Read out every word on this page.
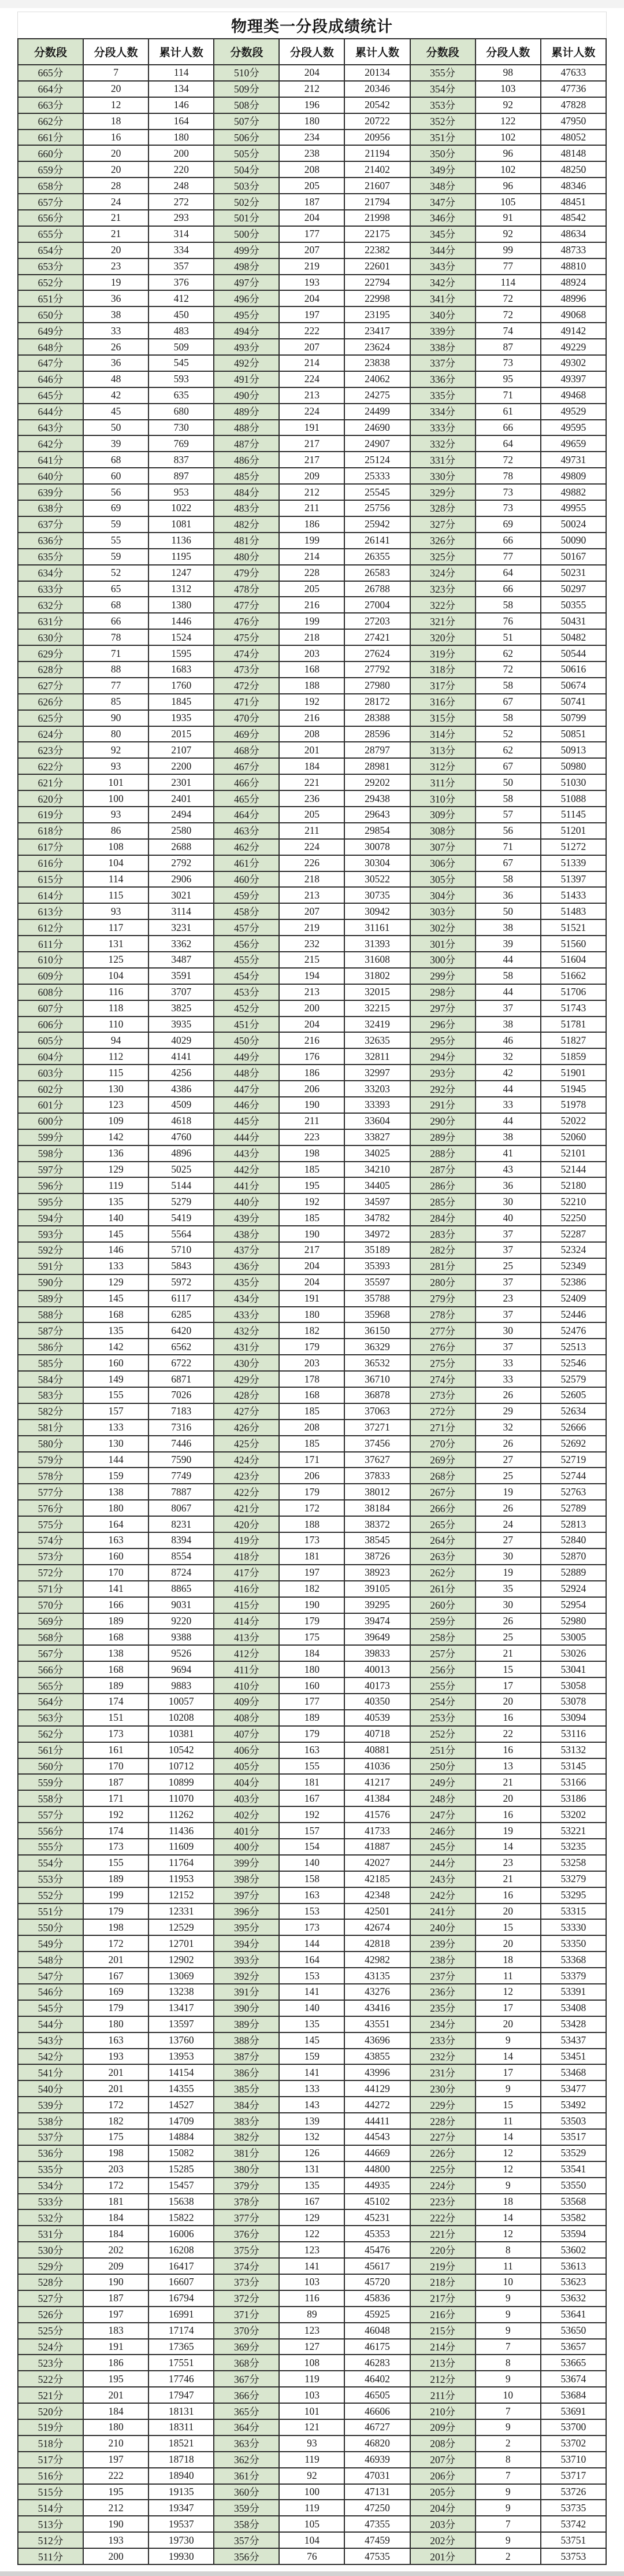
物理类一分段成绩统计
分数段	分段人数	累计人数	分数段	分段人数	累计人数	分数段	分段人数	累计人数
665分	7	114	510分	204	20134	355分	98	47633
664分	20	134	509分	212	20346	354分	103	47736
663分	12	146	508分	196	20542	353分	92	47828
662分	18	164	507分	180	20722	352分	122	47950
661分	16	180	506分	234	20956	351分	102	48052
660分	20	200	505分	238	21194	350分	96	48148
659分	20	220	504分	208	21402	349分	102	48250
658分	28	248	503分	205	21607	348分	96	48346
657分	24	272	502分	187	21794	347分	105	48451
656分	21	293	501分	204	21998	346分	91	48542
655分	21	314	500分	177	22175	345分	92	48634
654分	20	334	499分	207	22382	344分	99	48733
653分	23	357	498分	219	22601	343分	77	48810
652分	19	376	497分	193	22794	342分	114	48924
651分	36	412	496分	204	22998	341分	72	48996
650分	38	450	495分	197	23195	340分	72	49068
649分	33	483	494分	222	23417	339分	74	49142
648分	26	509	493分	207	23624	338分	87	49229
647分	36	545	492分	214	23838	337分	73	49302
646分	48	593	491分	224	24062	336分	95	49397
645分	42	635	490分	213	24275	335分	71	49468
644分	45	680	489分	224	24499	334分	61	49529
643分	50	730	488分	191	24690	333分	66	49595
642分	39	769	487分	217	24907	332分	64	49659
641分	68	837	486分	217	25124	331分	72	49731
640分	60	897	485分	209	25333	330分	78	49809
639分	56	953	484分	212	25545	329分	73	49882
638分	69	1022	483分	211	25756	328分	73	49955
637分	59	1081	482分	186	25942	327分	69	50024
636分	55	1136	481分	199	26141	326分	66	50090
635分	59	1195	480分	214	26355	325分	77	50167
634分	52	1247	479分	228	26583	324分	64	50231
633分	65	1312	478分	205	26788	323分	66	50297
632分	68	1380	477分	216	27004	322分	58	50355
631分	66	1446	476分	199	27203	321分	76	50431
630分	78	1524	475分	218	27421	320分	51	50482
629分	71	1595	474分	203	27624	319分	62	50544
628分	88	1683	473分	168	27792	318分	72	50616
627分	77	1760	472分	188	27980	317分	58	50674
626分	85	1845	471分	192	28172	316分	67	50741
625分	90	1935	470分	216	28388	315分	58	50799
624分	80	2015	469分	208	28596	314分	52	50851
623分	92	2107	468分	201	28797	313分	62	50913
622分	93	2200	467分	184	28981	312分	67	50980
621分	101	2301	466分	221	29202	311分	50	51030
620分	100	2401	465分	236	29438	310分	58	51088
619分	93	2494	464分	205	29643	309分	57	51145
618分	86	2580	463分	211	29854	308分	56	51201
617分	108	2688	462分	224	30078	307分	71	51272
616分	104	2792	461分	226	30304	306分	67	51339
615分	114	2906	460分	218	30522	305分	58	51397
614分	115	3021	459分	213	30735	304分	36	51433
613分	93	3114	458分	207	30942	303分	50	51483
612分	117	3231	457分	219	31161	302分	38	51521
611分	131	3362	456分	232	31393	301分	39	51560
610分	125	3487	455分	215	31608	300分	44	51604
609分	104	3591	454分	194	31802	299分	58	51662
608分	116	3707	453分	213	32015	298分	44	51706
607分	118	3825	452分	200	32215	297分	37	51743
606分	110	3935	451分	204	32419	296分	38	51781
605分	94	4029	450分	216	32635	295分	46	51827
604分	112	4141	449分	176	32811	294分	32	51859
603分	115	4256	448分	186	32997	293分	42	51901
602分	130	4386	447分	206	33203	292分	44	51945
601分	123	4509	446分	190	33393	291分	33	51978
600分	109	4618	445分	211	33604	290分	44	52022
599分	142	4760	444分	223	33827	289分	38	52060
598分	136	4896	443分	198	34025	288分	41	52101
597分	129	5025	442分	185	34210	287分	43	52144
596分	119	5144	441分	195	34405	286分	36	52180
595分	135	5279	440分	192	34597	285分	30	52210
594分	140	5419	439分	185	34782	284分	40	52250
593分	145	5564	438分	190	34972	283分	37	52287
592分	146	5710	437分	217	35189	282分	37	52324
591分	133	5843	436分	204	35393	281分	25	52349
590分	129	5972	435分	204	35597	280分	37	52386
589分	145	6117	434分	191	35788	279分	23	52409
588分	168	6285	433分	180	35968	278分	37	52446
587分	135	6420	432分	182	36150	277分	30	52476
586分	142	6562	431分	179	36329	276分	37	52513
585分	160	6722	430分	203	36532	275分	33	52546
584分	149	6871	429分	178	36710	274分	33	52579
583分	155	7026	428分	168	36878	273分	26	52605
582分	157	7183	427分	185	37063	272分	29	52634
581分	133	7316	426分	208	37271	271分	32	52666
580分	130	7446	425分	185	37456	270分	26	52692
579分	144	7590	424分	171	37627	269分	27	52719
578分	159	7749	423分	206	37833	268分	25	52744
577分	138	7887	422分	179	38012	267分	19	52763
576分	180	8067	421分	172	38184	266分	26	52789
575分	164	8231	420分	188	38372	265分	24	52813
574分	163	8394	419分	173	38545	264分	27	52840
573分	160	8554	418分	181	38726	263分	30	52870
572分	170	8724	417分	197	38923	262分	19	52889
571分	141	8865	416分	182	39105	261分	35	52924
570分	166	9031	415分	190	39295	260分	30	52954
569分	189	9220	414分	179	39474	259分	26	52980
568分	168	9388	413分	175	39649	258分	25	53005
567分	138	9526	412分	184	39833	257分	21	53026
566分	168	9694	411分	180	40013	256分	15	53041
565分	189	9883	410分	160	40173	255分	17	53058
564分	174	10057	409分	177	40350	254分	20	53078
563分	151	10208	408分	189	40539	253分	16	53094
562分	173	10381	407分	179	40718	252分	22	53116
561分	161	10542	406分	163	40881	251分	16	53132
560分	170	10712	405分	155	41036	250分	13	53145
559分	187	10899	404分	181	41217	249分	21	53166
558分	171	11070	403分	167	41384	248分	20	53186
557分	192	11262	402分	192	41576	247分	16	53202
556分	174	11436	401分	157	41733	246分	19	53221
555分	173	11609	400分	154	41887	245分	14	53235
554分	155	11764	399分	140	42027	244分	23	53258
553分	189	11953	398分	158	42185	243分	21	53279
552分	199	12152	397分	163	42348	242分	16	53295
551分	179	12331	396分	153	42501	241分	20	53315
550分	198	12529	395分	173	42674	240分	15	53330
549分	172	12701	394分	144	42818	239分	20	53350
548分	201	12902	393分	164	42982	238分	18	53368
547分	167	13069	392分	153	43135	237分	11	53379
546分	169	13238	391分	141	43276	236分	12	53391
545分	179	13417	390分	140	43416	235分	17	53408
544分	180	13597	389分	135	43551	234分	20	53428
543分	163	13760	388分	145	43696	233分	9	53437
542分	193	13953	387分	159	43855	232分	14	53451
541分	201	14154	386分	141	43996	231分	17	53468
540分	201	14355	385分	133	44129	230分	9	53477
539分	172	14527	384分	143	44272	229分	15	53492
538分	182	14709	383分	139	44411	228分	11	53503
537分	175	14884	382分	132	44543	227分	14	53517
536分	198	15082	381分	126	44669	226分	12	53529
535分	203	15285	380分	131	44800	225分	12	53541
534分	172	15457	379分	135	44935	224分	9	53550
533分	181	15638	378分	167	45102	223分	18	53568
532分	184	15822	377分	129	45231	222分	14	53582
531分	184	16006	376分	122	45353	221分	12	53594
530分	202	16208	375分	123	45476	220分	8	53602
529分	209	16417	374分	141	45617	219分	11	53613
528分	190	16607	373分	103	45720	218分	10	53623
527分	187	16794	372分	116	45836	217分	9	53632
526分	197	16991	371分	89	45925	216分	9	53641
525分	183	17174	370分	123	46048	215分	9	53650
524分	191	17365	369分	127	46175	214分	7	53657
523分	186	17551	368分	108	46283	213分	8	53665
522分	195	17746	367分	119	46402	212分	9	53674
521分	201	17947	366分	103	46505	211分	10	53684
520分	184	18131	365分	101	46606	210分	7	53691
519分	180	18311	364分	121	46727	209分	9	53700
518分	210	18521	363分	93	46820	208分	2	53702
517分	197	18718	362分	119	46939	207分	8	53710
516分	222	18940	361分	92	47031	206分	7	53717
515分	195	19135	360分	100	47131	205分	9	53726
514分	212	19347	359分	119	47250	204分	9	53735
513分	190	19537	358分	105	47355	203分	7	53742
512分	193	19730	357分	104	47459	202分	9	53751
511分	200	19930	356分	76	47535	201分	2	53753
